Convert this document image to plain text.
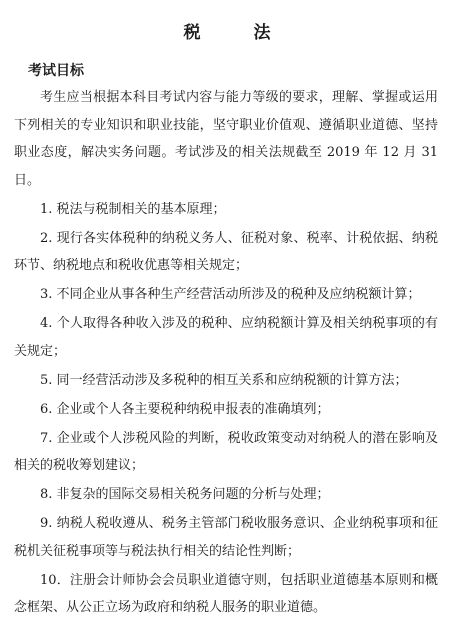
税　法
考试目标

考生应当根据本科目考试内容与能力等级的要求，理解、掌握或运用下列相关的专业知识和职业技能，坚守职业价值观、遵循职业道德、坚持职业态度，解决实务问题。考试涉及的相关法规截至 2019 年 12 月 31 日。

1. 税法与税制相关的基本原理；

2. 现行各实体税种的纳税义务人、征税对象、税率、计税依据、纳税环节、纳税地点和税收优惠等相关规定；

3. 不同企业从事各种生产经营活动所涉及的税种及应纳税额计算；

4. 个人取得各种收入涉及的税种、应纳税额计算及相关纳税事项的有关规定；

5. 同一经营活动涉及多税种的相互关系和应纳税额的计算方法；

6. 企业或个人各主要税种纳税申报表的准确填列；

7. 企业或个人涉税风险的判断，税收政策变动对纳税人的潜在影响及相关的税收筹划建议；

8. 非复杂的国际交易相关税务问题的分析与处理；

9. 纳税人税收遵从、税务主管部门税收服务意识、企业纳税事项和征税机关征税事项等与税法执行相关的结论性判断；

10．注册会计师协会会员职业道德守则，包括职业道德基本原则和概念框架、从公正立场为政府和纳税人服务的职业道德。
